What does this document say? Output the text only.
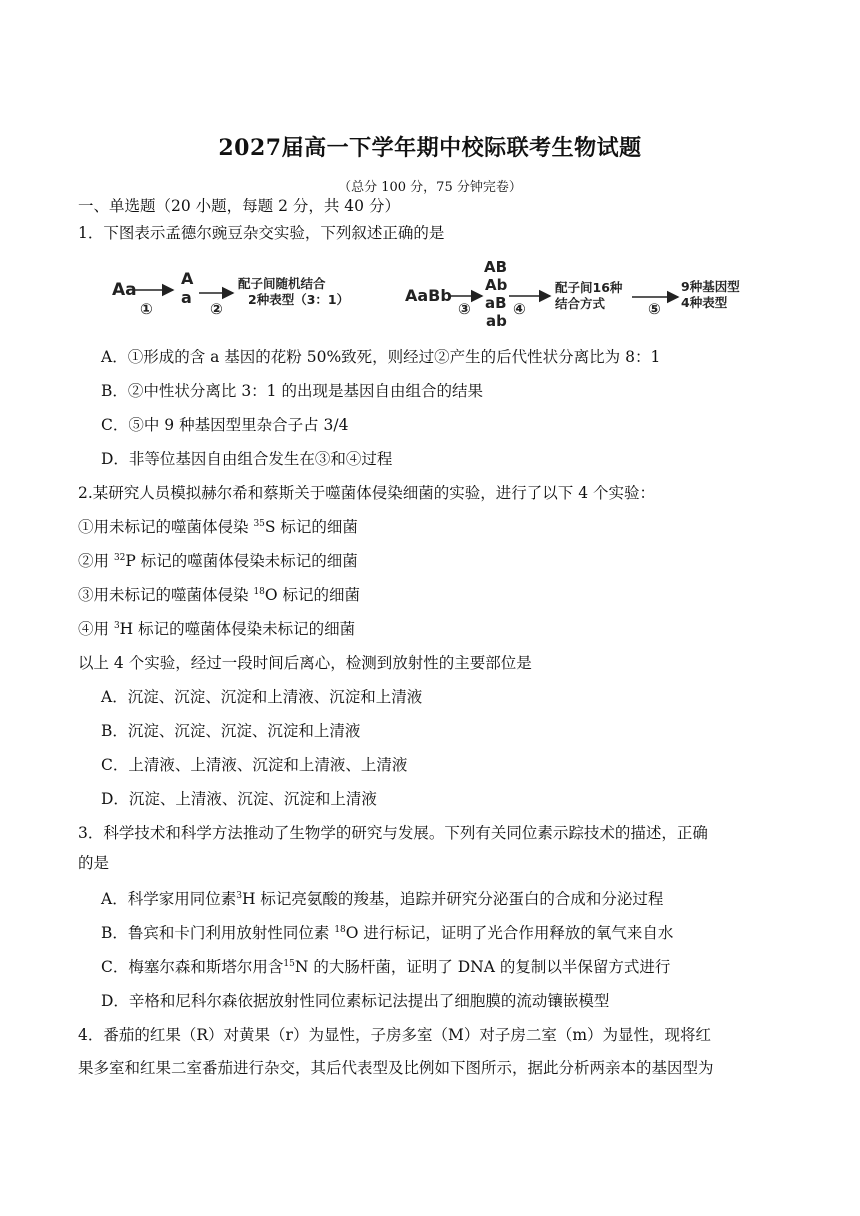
2027届高一下学年期中校际联考生物试题
（总分 100 分，75 分钟完卷）
一、单选题（20 小题，每题 2 分，共 40 分）
1．下图表示孟德尔豌豆杂交实验，下列叙述正确的是
Aa
①
A
a
②
配子间随机结合
2种表型（3：1）	AaBb
③
AB
Ab
aB
ab
④
配子间16种
结合方式	⑤
9种基因型
4种表型
A．①形成的含 a 基因的花粉 50%致死，则经过②产生的后代性状分离比为 8：1
B．②中性状分离比 3：1 的出现是基因自由组合的结果
C．⑤中 9 种基因型里杂合子占 3/4
D．非等位基因自由组合发生在③和④过程
2.某研究人员模拟赫尔希和蔡斯关于噬菌体侵染细菌的实验，进行了以下 4 个实验：
①用未标记的噬菌体侵染 $^{35}$S 标记的细菌
②用 $^{32}$P 标记的噬菌体侵染未标记的细菌
③用未标记的噬菌体侵染 $^{18}$O 标记的细菌
④用 $^3$H 标记的噬菌体侵染未标记的细菌
以上 4 个实验，经过一段时间后离心，检测到放射性的主要部位是
A．沉淀、沉淀、沉淀和上清液、沉淀和上清液
B．沉淀、沉淀、沉淀、沉淀和上清液
C．上清液、上清液、沉淀和上清液、上清液
D．沉淀、上清液、沉淀、沉淀和上清液
3．科学技术和科学方法推动了生物学的研究与发展。下列有关同位素示踪技术的描述，正确
的是
A．科学家用同位素$^3$H 标记亮氨酸的羧基，追踪并研究分泌蛋白的合成和分泌过程
B．鲁宾和卡门利用放射性同位素 $^{18}$O 进行标记，证明了光合作用释放的氧气来自水
C．梅塞尔森和斯塔尔用含$^{15}$N 的大肠杆菌，证明了 DNA 的复制以半保留方式进行
D．辛格和尼科尔森依据放射性同位素标记法提出了细胞膜的流动镶嵌模型
4．番茄的红果（R）对黄果（r）为显性，子房多室（M）对子房二室（m）为显性，现将红
果多室和红果二室番茄进行杂交，其后代表型及比例如下图所示，据此分析两亲本的基因型为
